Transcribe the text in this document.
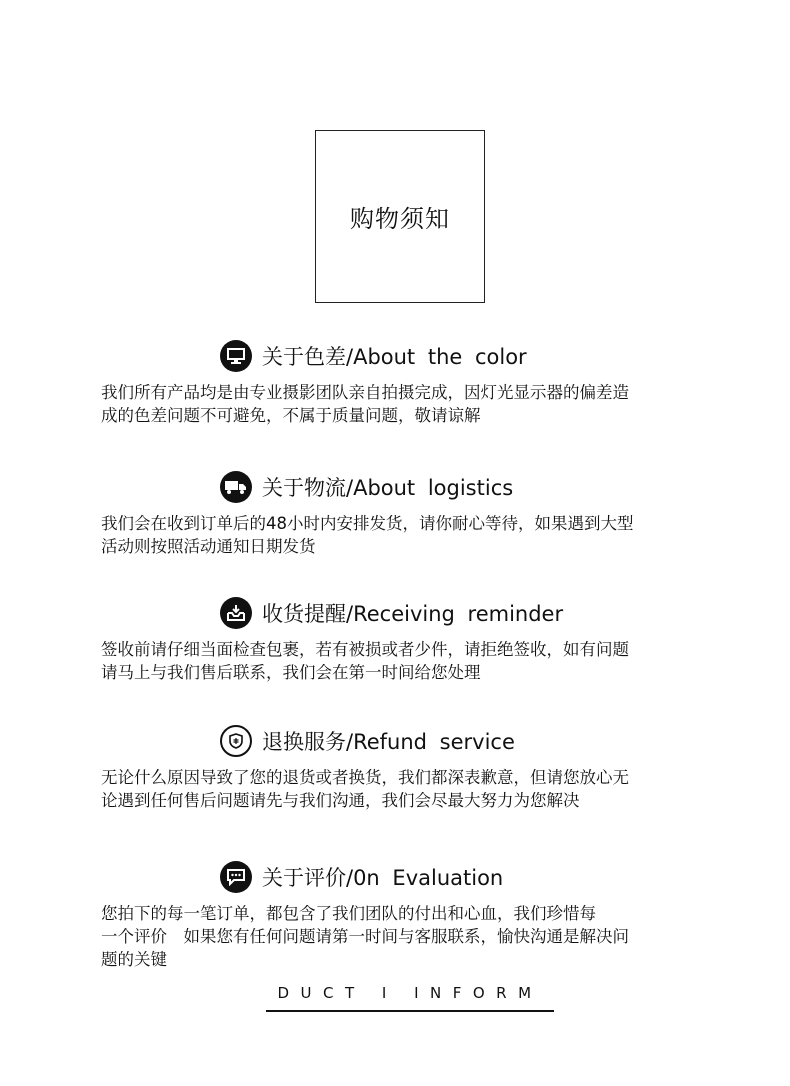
购物须知
关于色差/About the color
我们所有产品均是由专业摄影团队亲自拍摄完成，因灯光显示器的偏差造
成的色差问题不可避免，不属于质量问题，敬请谅解
关于物流/About logistics
我们会在收到订单后的48小时内安排发货，请你耐心等待，如果遇到大型
活动则按照活动通知日期发货
收货提醒/Receiving reminder
签收前请仔细当面检查包裹，若有被损或者少件，请拒绝签收，如有问题
请马上与我们售后联系，我们会在第一时间给您处理
退换服务/Refund service
无论什么原因导致了您的退货或者换货，我们都深表歉意，但请您放心无
论遇到任何售后问题请先与我们沟通，我们会尽最大努力为您解决
关于评价/0n Evaluation
您拍下的每一笔订单，都包含了我们团队的付出和心血，我们珍惜每
一个评价　如果您有任何问题请第一时间与客服联系，愉快沟通是解决问
题的关键
DUCT I INFORM
